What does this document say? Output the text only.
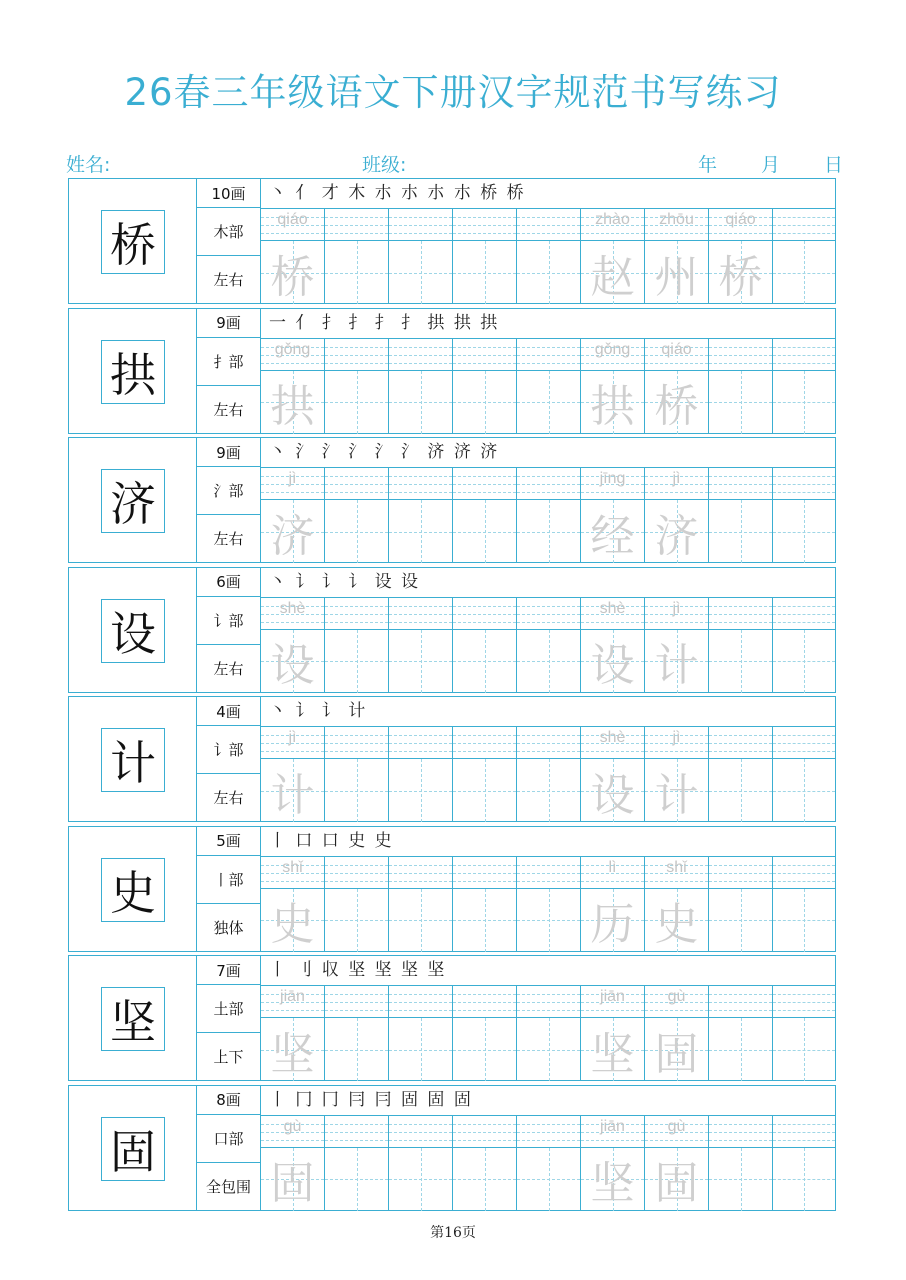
26春三年级语文下册汉字规范书写练习
姓名:	班级:	年 月 日
桥
10画
木部
左右
丶 亻 才 木 朩 朩 朩 朩 桥 桥
qiáo
桥
zhào
赵
zhōu
州
qiáo
桥
拱
9画
扌部
左右
一 亻 扌 扌 扌 扌 拱 拱 拱
gǒng
拱
gǒng
拱
qiáo
桥
济
9画
氵部
左右
丶 氵 氵 氵 氵 氵 济 济 济
jì
济
jīng
经
jì
济
设
6画
讠部
左右
丶 讠 讠 讠 设 设
shè
设
shè
设
jì
计
计
4画
讠部
左右
丶 讠 讠 计
jì
计
shè
设
jì
计
史
5画
丨部
独体
丨 口 口 史 史
shǐ
史
lì
历
shǐ
史
坚
7画
土部
上下
丨 刂 収 坚 坚 坚 坚
jiān
坚
jiān
坚
gù
固
固
8画
口部
全包围
丨 冂 冂 冃 冃 固 固 固
gù
固
jiān
坚
gù
固
第16页
